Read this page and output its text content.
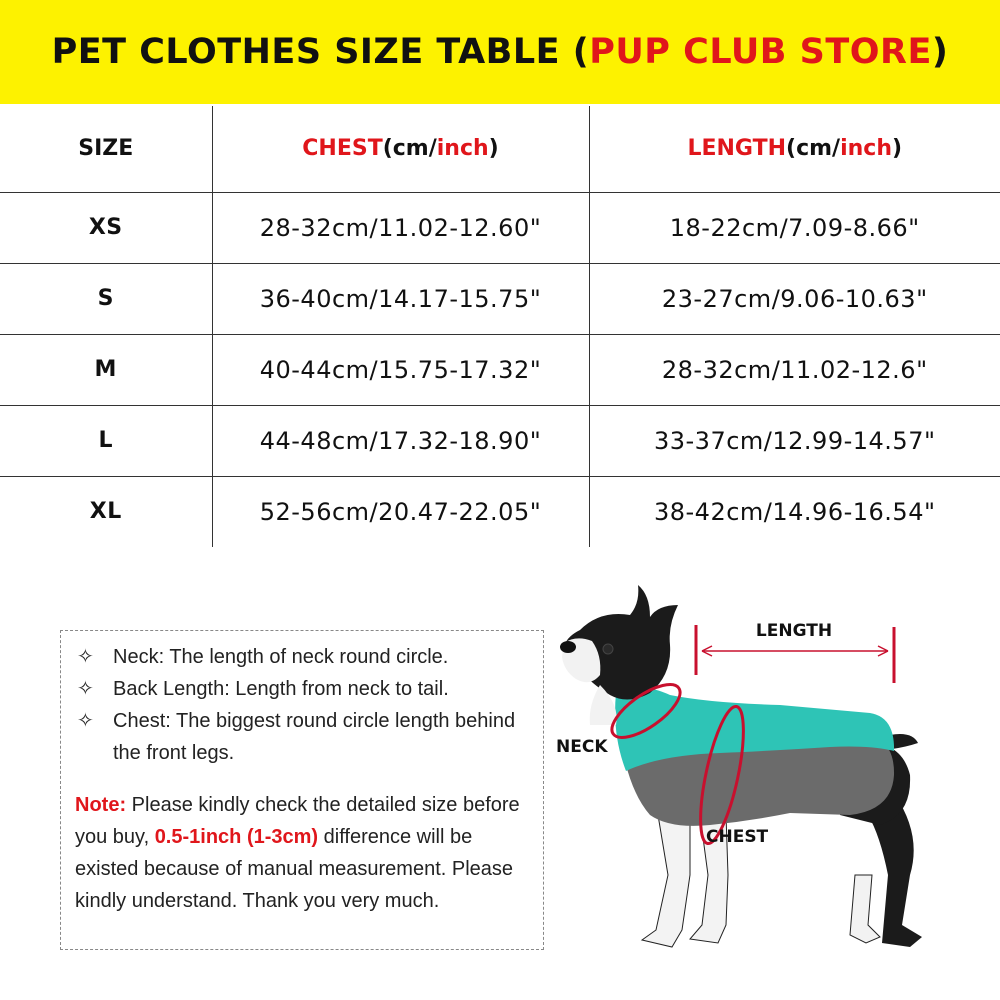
PET CLOTHES SIZE TABLE (PUP CLUB STORE)
SIZE	CHEST(cm/inch)	LENGTH(cm/inch)
XS	28-32cm/11.02-12.60"	18-22cm/7.09-8.66"
S	36-40cm/14.17-15.75"	23-27cm/9.06-10.63"
M	40-44cm/15.75-17.32"	28-32cm/11.02-12.6"
L	44-48cm/17.32-18.90"	33-37cm/12.99-14.57"
XL	52-56cm/20.47-22.05"	38-42cm/14.96-16.54"
✧ Neck: The length of neck round circle.
✧ Back Length: Length from neck to tail.
✧ Chest: The biggest round circle length behind the front legs.
Note: Please kindly check the detailed size before you buy, 0.5-1inch (1-3cm) difference will be existed because of manual measurement. Please kindly understand. Thank you very much.
LENGTH
NECK
CHEST
